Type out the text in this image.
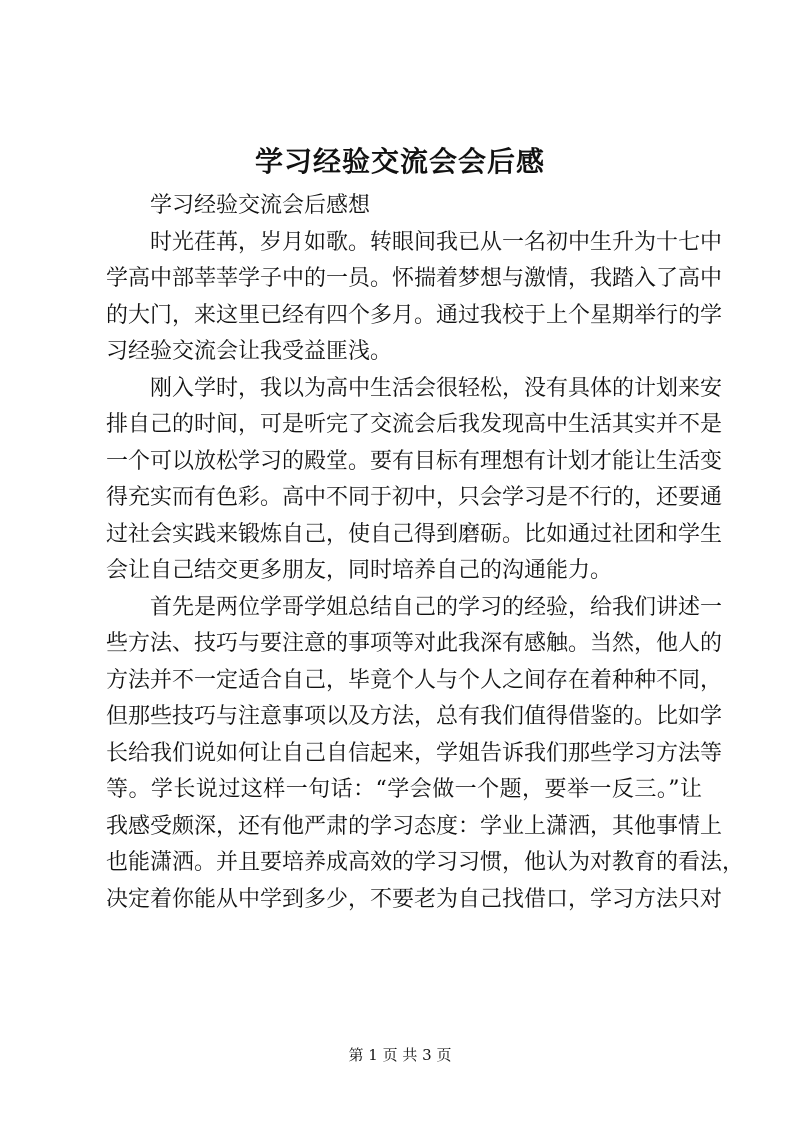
学习经验交流会会后感
学习经验交流会后感想
时光荏苒，岁月如歌。转眼间我已从一名初中生升为十七中
学高中部莘莘学子中的一员。怀揣着梦想与激情，我踏入了高中
的大门，来这里已经有四个多月。通过我校于上个星期举行的学
习经验交流会让我受益匪浅。
刚入学时，我以为高中生活会很轻松，没有具体的计划来安
排自己的时间，可是听完了交流会后我发现高中生活其实并不是
一个可以放松学习的殿堂。要有目标有理想有计划才能让生活变
得充实而有色彩。高中不同于初中，只会学习是不行的，还要通
过社会实践来锻炼自己，使自己得到磨砺。比如通过社团和学生
会让自己结交更多朋友，同时培养自己的沟通能力。
首先是两位学哥学姐总结自己的学习的经验，给我们讲述一
些方法、技巧与要注意的事项等对此我深有感触。当然，他人的
方法并不一定适合自己，毕竟个人与个人之间存在着种种不同，
但那些技巧与注意事项以及方法，总有我们值得借鉴的。比如学
长给我们说如何让自己自信起来，学姐告诉我们那些学习方法等
等。学长说过这样一句话：“学会做一个题，要举一反三。”让
我感受颇深，还有他严肃的学习态度：学业上潇洒，其他事情上
也能潇洒。并且要培养成高效的学习习惯，他认为对教育的看法，
决定着你能从中学到多少，不要老为自己找借口，学习方法只对
第 1 页 共 3 页
